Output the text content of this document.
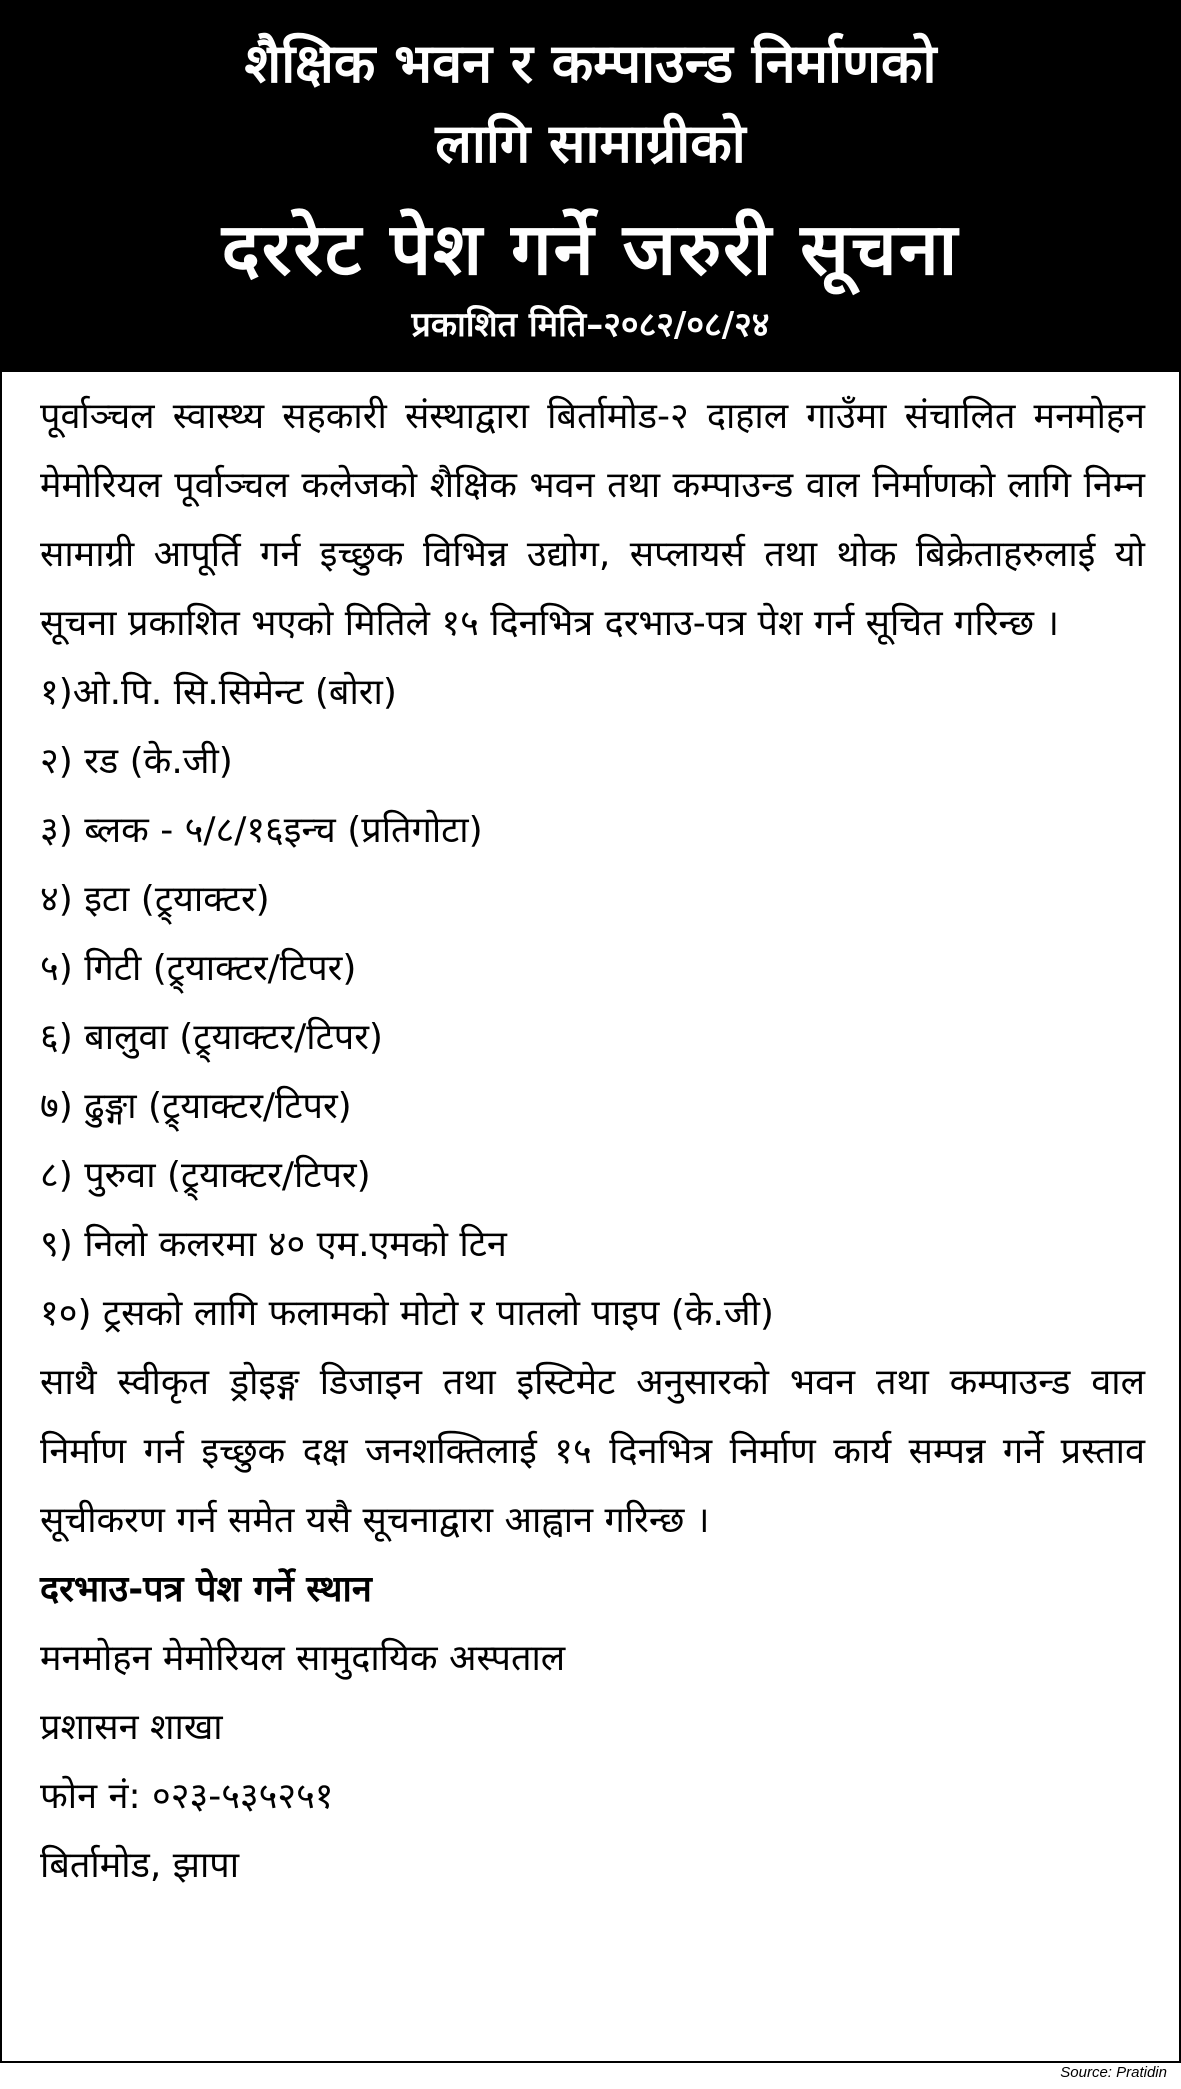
शैक्षिक भवन र कम्पाउन्ड निर्माणको
लागि सामाग्रीको
दररेट पेश गर्ने जरुरी सूचना
प्रकाशित मिति–२०८२/०८/२४

पूर्वाञ्चल स्वास्थ्य सहकारी संस्थाद्वारा बिर्तामोड-२ दाहाल गाउँमा संचालित मनमोहन मेमोरियल पूर्वाञ्चल कलेजको शैक्षिक भवन तथा कम्पाउन्ड वाल निर्माणको लागि निम्न सामाग्री आपूर्ति गर्न इच्छुक विभिन्न उद्योग, सप्लायर्स तथा थोक बिक्रेताहरुलाई यो सूचना प्रकाशित भएको मितिले १५ दिनभित्र दरभाउ-पत्र पेश गर्न सूचित गरिन्छ ।

१)ओ.पि. सि.सिमेन्ट (बोरा)
२) रड (के.जी)
३) ब्लक - ५/८/१६इन्च (प्रतिगोटा)
४) इटा (ट्र्याक्टर)
५) गिटी (ट्र्याक्टर/टिपर)
६) बालुवा (ट्र्याक्टर/टिपर)
७) ढुङ्गा (ट्र्याक्टर/टिपर)
८) पुरुवा (ट्र्याक्टर/टिपर)
९) निलो कलरमा ४० एम.एमको टिन
१०) ट्रसको लागि फलामको मोटो र पातलो पाइप (के.जी)

साथै स्वीकृत ड्रोइङ्ग डिजाइन तथा इस्टिमेट अनुसारको भवन तथा कम्पाउन्ड वाल निर्माण गर्न इच्छुक दक्ष जनशक्तिलाई १५ दिनभित्र निर्माण कार्य सम्पन्न गर्ने प्रस्ताव सूचीकरण गर्न समेत यसै सूचनाद्वारा आह्वान गरिन्छ ।

दरभाउ-पत्र पेश गर्ने स्थान

मनमोहन मेमोरियल सामुदायिक अस्पताल

प्रशासन शाखा

फोन नं: ०२३-५३५२५१

बिर्तामोड, झापा

Source: Pratidin
